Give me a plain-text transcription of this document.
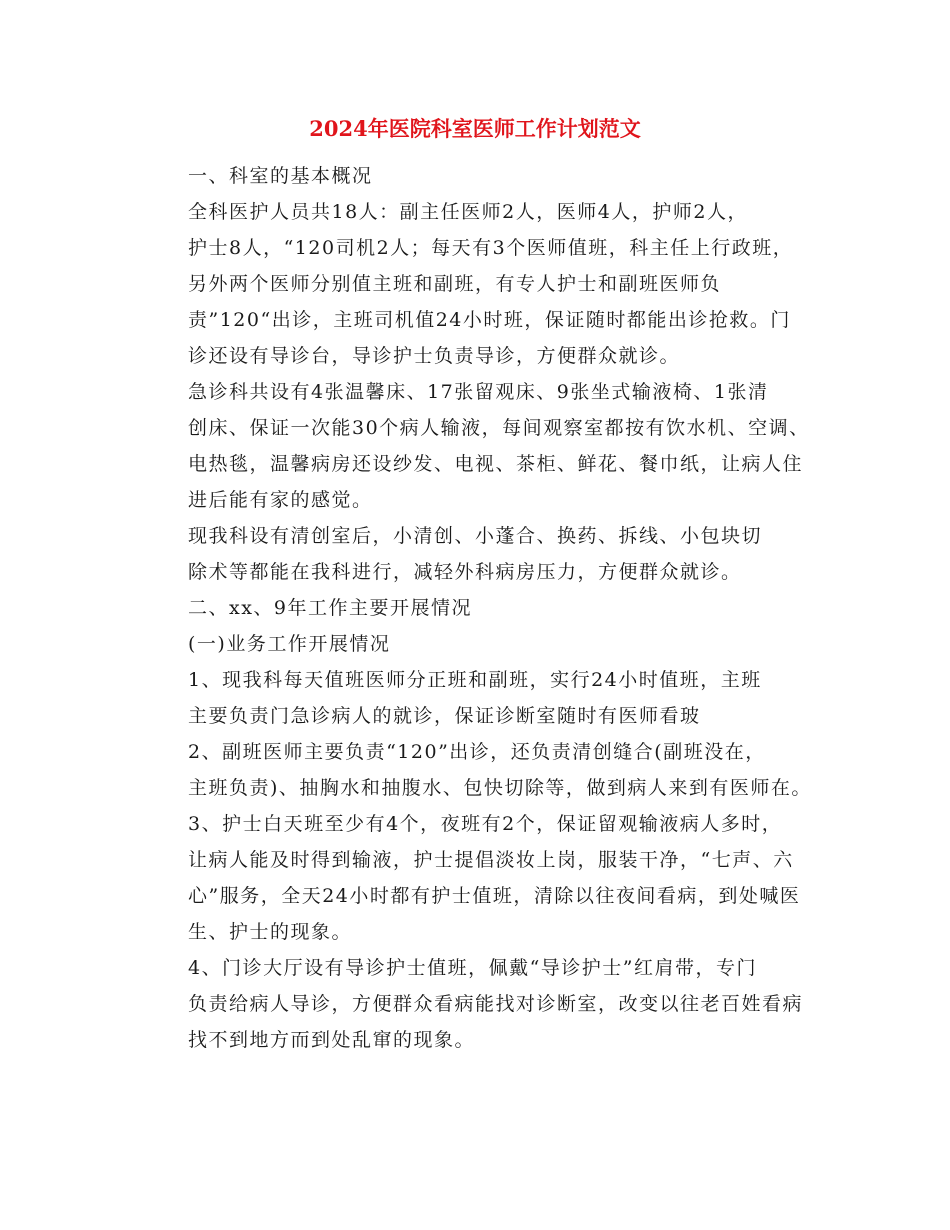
2024年医院科室医师工作计划范文

一、科室的基本概况

全科医护人员共18人：副主任医师2人，医师4人，护师2人，
护士8人，“120司机2人；每天有3个医师值班，科主任上行政班，
另外两个医师分别值主班和副班，有专人护士和副班医师负
责”120“出诊，主班司机值24小时班，保证随时都能出诊抢救。门
诊还设有导诊台，导诊护士负责导诊，方便群众就诊。

急诊科共设有4张温馨床、17张留观床、9张坐式输液椅、1张清
创床、保证一次能30个病人输液，每间观察室都按有饮水机、空调、
电热毯，温馨病房还设纱发、电视、茶柜、鲜花、餐巾纸，让病人住
进后能有家的感觉。

现我科设有清创室后，小清创、小蓬合、换药、拆线、小包块切
除术等都能在我科进行，减轻外科病房压力，方便群众就诊。

二、xx、9年工作主要开展情况

(一)业务工作开展情况

1、现我科每天值班医师分正班和副班，实行24小时值班，主班
主要负责门急诊病人的就诊，保证诊断室随时有医师看玻

2、副班医师主要负责“120”出诊，还负责清创缝合(副班没在，
主班负责)、抽胸水和抽腹水、包快切除等，做到病人来到有医师在。

3、护士白天班至少有4个，夜班有2个，保证留观输液病人多时，
让病人能及时得到输液，护士提倡淡妆上岗，服装干净，“七声、六
心”服务，全天24小时都有护士值班，清除以往夜间看病，到处喊医
生、护士的现象。

4、门诊大厅设有导诊护士值班，佩戴“导诊护士”红肩带，专门
负责给病人导诊，方便群众看病能找对诊断室，改变以往老百姓看病
找不到地方而到处乱窜的现象。
